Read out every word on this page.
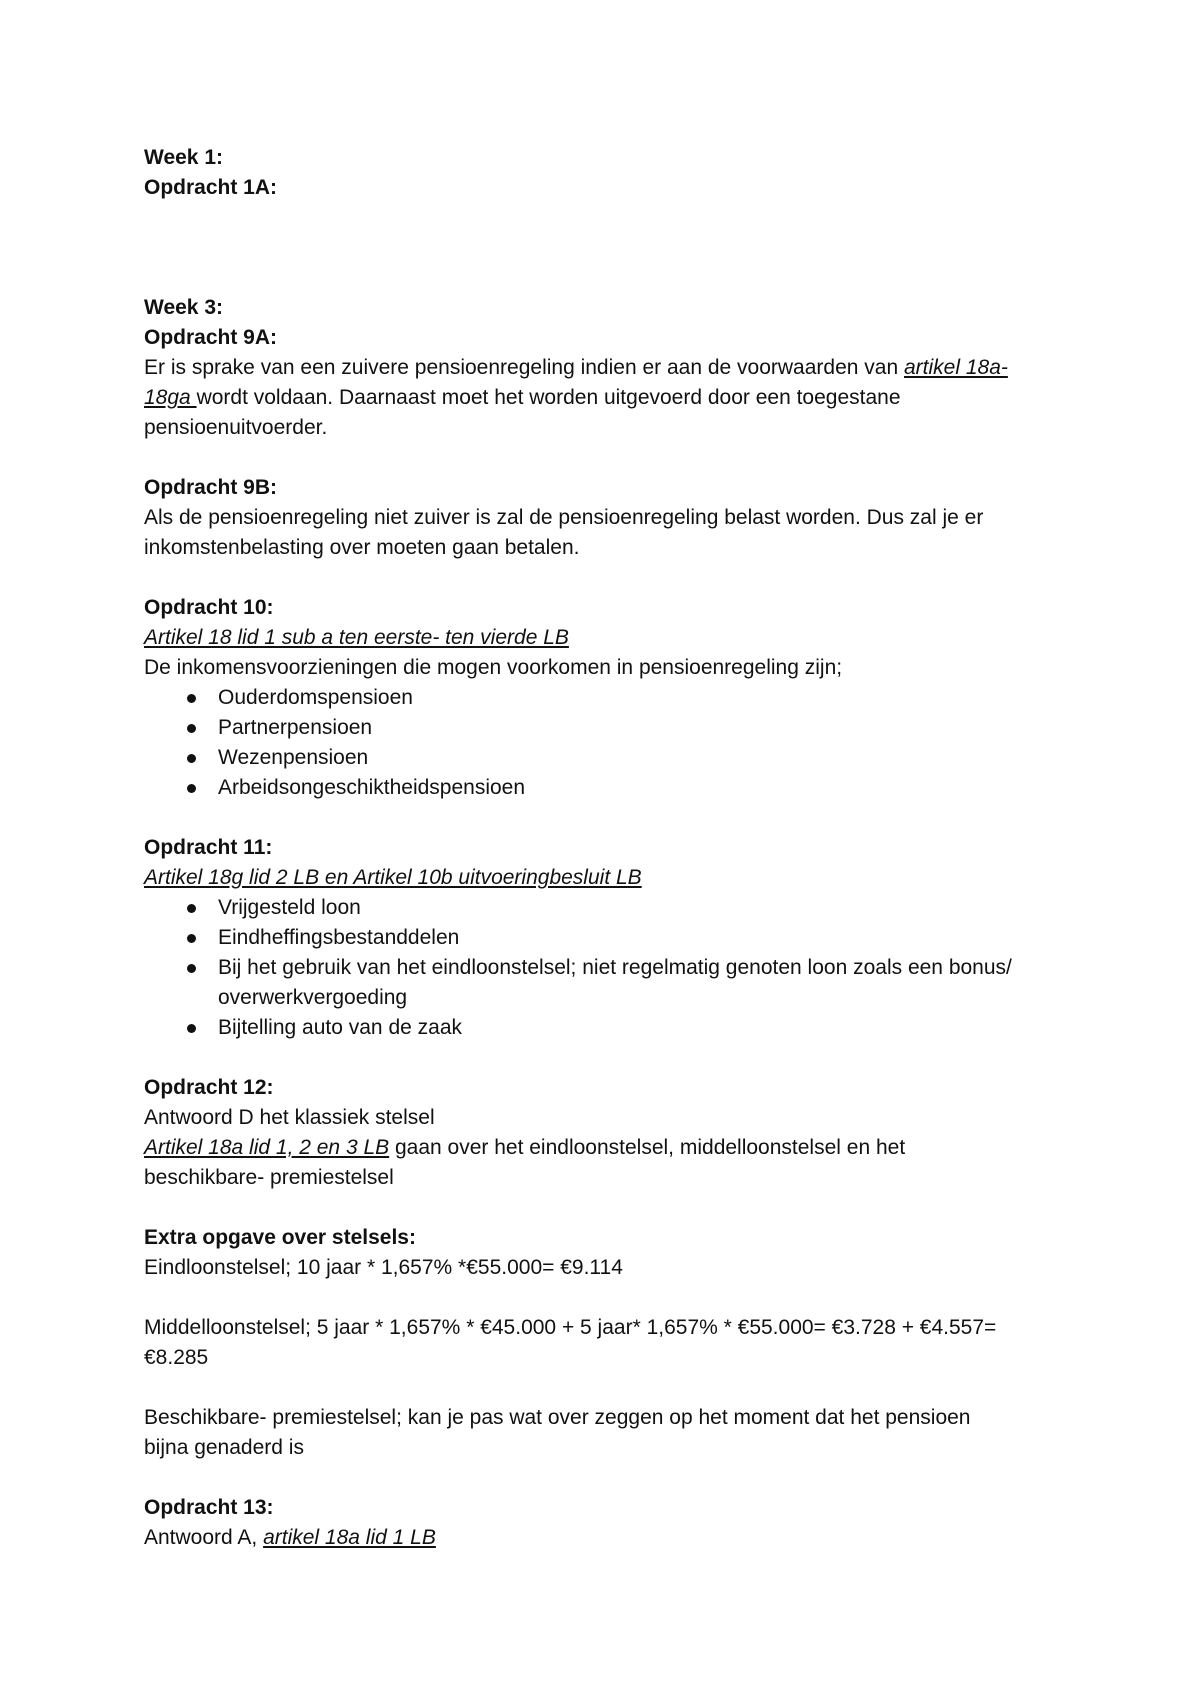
Week 1:
Opdracht 1A:
Week 3:
Opdracht 9A:
Er is sprake van een zuivere pensioenregeling indien er aan de voorwaarden van artikel 18a-
18ga wordt voldaan. Daarnaast moet het worden uitgevoerd door een toegestane
pensioenuitvoerder.
Opdracht 9B:
Als de pensioenregeling niet zuiver is zal de pensioenregeling belast worden. Dus zal je er
inkomstenbelasting over moeten gaan betalen.
Opdracht 10:
Artikel 18 lid 1 sub a ten eerste- ten vierde LB
De inkomensvoorzieningen die mogen voorkomen in pensioenregeling zijn;
Ouderdomspensioen
Partnerpensioen
Wezenpensioen
Arbeidsongeschiktheidspensioen
Opdracht 11:
Artikel 18g lid 2 LB en Artikel 10b uitvoeringbesluit LB
Vrijgesteld loon
Eindheffingsbestanddelen
Bij het gebruik van het eindloonstelsel; niet regelmatig genoten loon zoals een bonus/
overwerkvergoeding
Bijtelling auto van de zaak
Opdracht 12:
Antwoord D het klassiek stelsel
Artikel 18a lid 1, 2 en 3 LB gaan over het eindloonstelsel, middelloonstelsel en het
beschikbare- premiestelsel
Extra opgave over stelsels:
Eindloonstelsel; 10 jaar * 1,657% *€55.000= €9.114
Middelloonstelsel; 5 jaar * 1,657% * €45.000 + 5 jaar* 1,657% * €55.000= €3.728 + €4.557=
€8.285
Beschikbare- premiestelsel; kan je pas wat over zeggen op het moment dat het pensioen
bijna genaderd is
Opdracht 13:
Antwoord A, artikel 18a lid 1 LB
